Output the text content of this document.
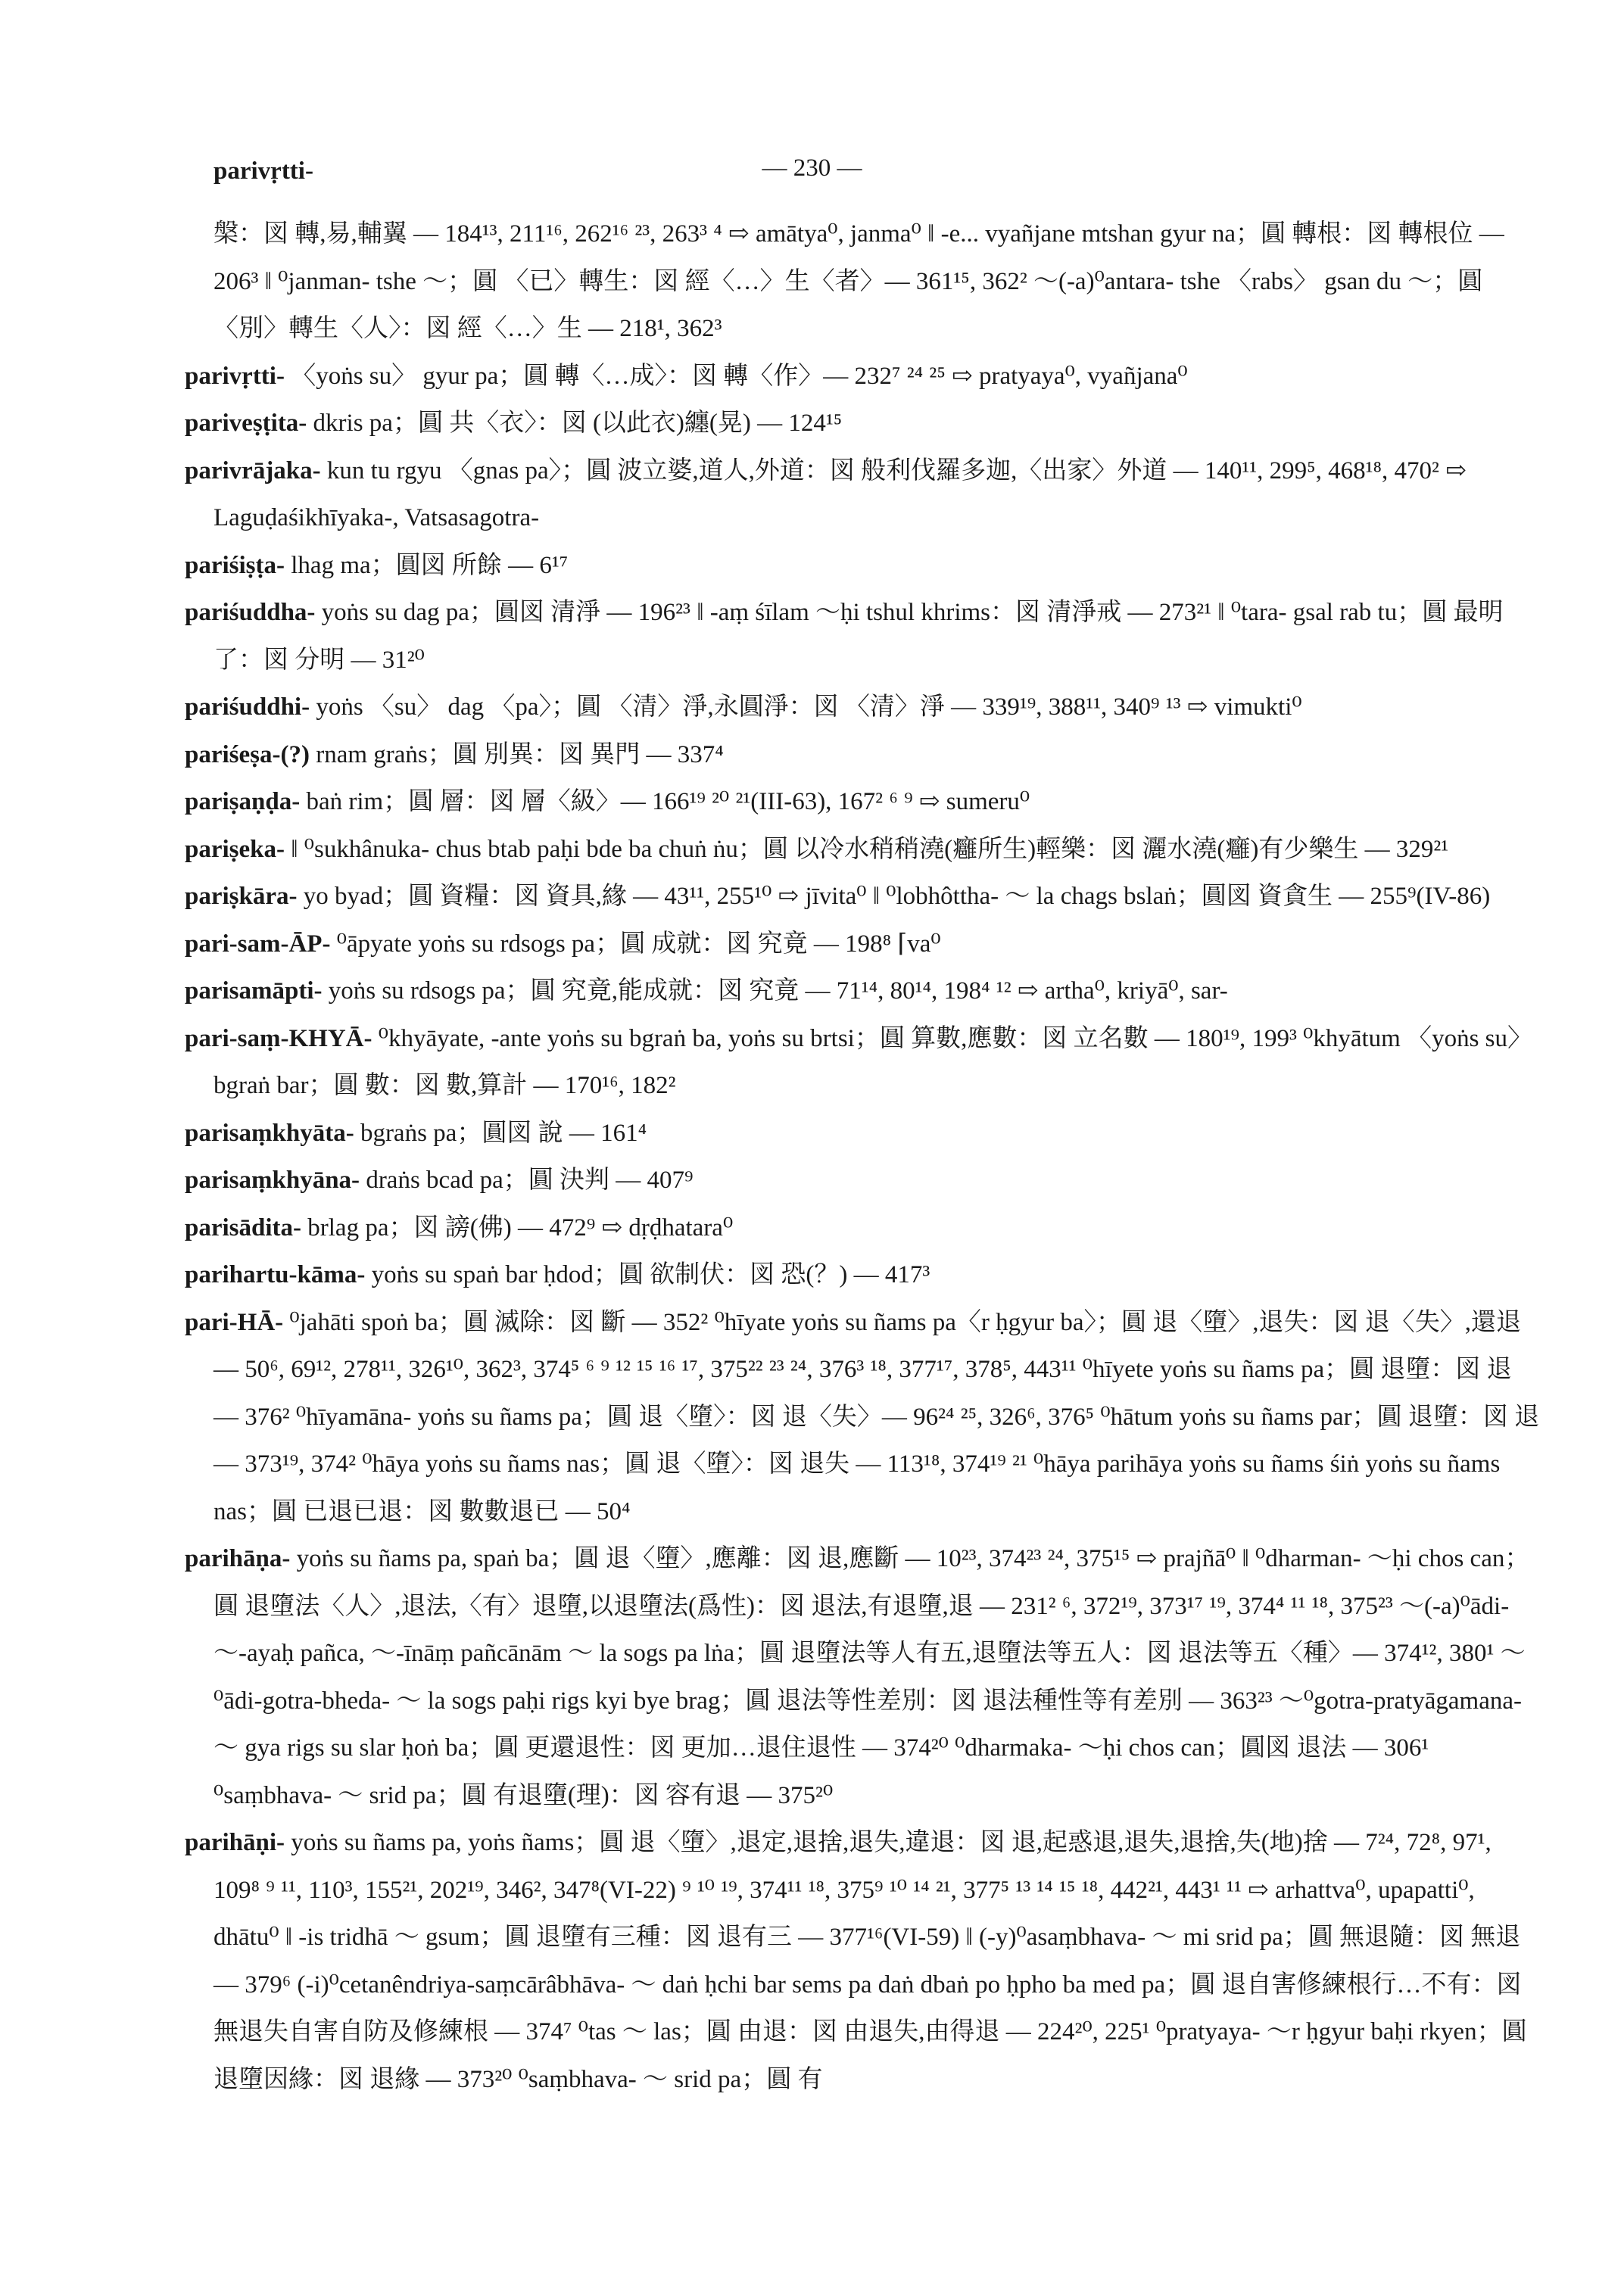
parivṛtti-	— 230 —

槃：図 轉,易,輔翼 — 184¹³, 211¹⁶, 262¹⁶ ²³, 263³ ⁴ ⇨ amātya⁰, janma⁰ ‖ -e... vyañjane mtshan gyur na；圓 轉根：図 轉根位 — 206³ ‖ ⁰janman- tshe ～；圓 〈已〉轉生：図 經〈…〉生〈者〉— 361¹⁵, 362² ～(-a)⁰antara- tshe 〈rabs〉 gsan du ～；圓 〈別〉轉生〈人〉：図 經〈…〉生 — 218¹, 362³

parivṛtti- 〈yoṅs su〉 gyur pa；圓 轉〈…成〉：図 轉〈作〉— 232⁷ ²⁴ ²⁵ ⇨ pratyaya⁰, vyañjana⁰

pariveṣṭita- dkris pa；圓 共〈衣〉：図 (以此衣)纏(晃) — 124¹⁵

parivrājaka- kun tu rgyu 〈gnas pa〉；圓 波立婆,道人,外道：図 般利伐羅多迦,〈出家〉外道 — 140¹¹, 299⁵, 468¹⁸, 470² ⇨ Laguḍaśikhīyaka-, Vatsasagotra-

pariśiṣṭa- lhag ma；圓図 所餘 — 6¹⁷

pariśuddha- yoṅs su dag pa；圓図 清淨 — 196²³ ‖ -aṃ śīlam ～ḥi tshul khrims：図 清淨戒 — 273²¹ ‖ ⁰tara- gsal rab tu；圓 最明了：図 分明 — 31²⁰

pariśuddhi- yoṅs 〈su〉 dag 〈pa〉；圓 〈清〉淨,永圓淨：図 〈清〉淨 — 339¹⁹, 388¹¹, 340⁹ ¹³ ⇨ vimukti⁰

pariśeṣa-(?) rnam graṅs；圓 別異：図 異門 — 337⁴

pariṣaṇḍa- baṅ rim；圓 層：図 層〈級〉— 166¹⁹ ²⁰ ²¹(III-63), 167² ⁶ ⁹ ⇨ sumeru⁰

pariṣeka- ‖ ⁰sukhânuka- chus btab paḥi bde ba chuṅ ṅu；圓 以冷水稍稍澆(癰所生)輕樂：図 灑水澆(癰)有少樂生 — 329²¹

pariṣkāra- yo byad；圓 資糧：図 資具,緣 — 43¹¹, 255¹⁰ ⇨ jīvita⁰ ‖ ⁰lobhôttha- ～ la chags bslaṅ；圓図 資貪生 — 255⁹(IV-86)

pari-sam-ĀP- ⁰āpyate yoṅs su rdsogs pa；圓 成就：図 究竟 — 198⁸ ⌈va⁰

parisamāpti- yoṅs su rdsogs pa；圓 究竟,能成就：図 究竟 — 71¹⁴, 80¹⁴, 198⁴ ¹² ⇨ artha⁰, kriyā⁰, sar-

pari-saṃ-KHYĀ- ⁰khyāyate, -ante yoṅs su bgraṅ ba, yoṅs su brtsi；圓 算數,應數：図 立名數 — 180¹⁹, 199³ ⁰khyātum 〈yoṅs su〉 bgraṅ bar；圓 數：図 數,算計 — 170¹⁶, 182²

parisaṃkhyāta- bgraṅs pa；圓図 說 — 161⁴

parisaṃkhyāna- draṅs bcad pa；圓 決判 — 407⁹

parisādita- brlag pa；図 謗(佛) — 472⁹ ⇨ dṛḍhatara⁰

parihartu-kāma- yoṅs su spaṅ bar ḥdod；圓 欲制伏：図 恐(？) — 417³

pari-HĀ- ⁰jahāti spoṅ ba；圓 滅除：図 斷 — 352² ⁰hīyate yoṅs su ñams pa〈r ḥgyur ba〉；圓 退〈墮〉,退失：図 退〈失〉,還退 — 50⁶, 69¹², 278¹¹, 326¹⁰, 362³, 374⁵ ⁶ ⁹ ¹² ¹⁵ ¹⁶ ¹⁷, 375²² ²³ ²⁴, 376³ ¹⁸, 377¹⁷, 378⁵, 443¹¹ ⁰hīyete yoṅs su ñams pa；圓 退墮：図 退 — 376² ⁰hīyamāna- yoṅs su ñams pa；圓 退〈墮〉：図 退〈失〉— 96²⁴ ²⁵, 326⁶, 376⁵ ⁰hātum yoṅs su ñams par；圓 退墮：図 退 — 373¹⁹, 374² ⁰hāya yoṅs su ñams nas；圓 退〈墮〉：図 退失 — 113¹⁸, 374¹⁹ ²¹ ⁰hāya parihāya yoṅs su ñams śiṅ yoṅs su ñams nas；圓 已退已退：図 數數退已 — 50⁴

parihāṇa- yoṅs su ñams pa, spaṅ ba；圓 退〈墮〉,應離：図 退,應斷 — 10²³, 374²³ ²⁴, 375¹⁵ ⇨ prajñā⁰ ‖ ⁰dharman- ～ḥi chos can；圓 退墮法〈人〉,退法,〈有〉退墮,以退墮法(爲性)：図 退法,有退墮,退 — 231² ⁶, 372¹⁹, 373¹⁷ ¹⁹, 374⁴ ¹¹ ¹⁸, 375²³ ～(-a)⁰ādi- ～-ayaḥ pañca, ～-īnāṃ pañcānām ～ la sogs pa lṅa；圓 退墮法等人有五,退墮法等五人：図 退法等五〈種〉— 374¹², 380¹ ～⁰ādi-gotra-bheda- ～ la sogs paḥi rigs kyi bye brag；圓 退法等性差別：図 退法種性等有差別 — 363²³ ～⁰gotra-pratyāgamana- ～ gya rigs su slar ḥoṅ ba；圓 更還退性：図 更加…退住退性 — 374²⁰ ⁰dharmaka- ～ḥi chos can；圓図 退法 — 306¹ ⁰saṃbhava- ～ srid pa；圓 有退墮(理)：図 容有退 — 375²⁰

parihāṇi- yoṅs su ñams pa, yoṅs ñams；圓 退〈墮〉,退定,退捨,退失,違退：図 退,起惑退,退失,退捨,失(地)捨 — 7²⁴, 72⁸, 97¹, 109⁸ ⁹ ¹¹, 110³, 155²¹, 202¹⁹, 346², 347⁸(VI-22) ⁹ ¹⁰ ¹⁹, 374¹¹ ¹⁸, 375⁹ ¹⁰ ¹⁴ ²¹, 377⁵ ¹³ ¹⁴ ¹⁵ ¹⁸, 442²¹, 443¹ ¹¹ ⇨ arhattva⁰, upapatti⁰, dhātu⁰ ‖ -is tridhā ～ gsum；圓 退墮有三種：図 退有三 — 377¹⁶(VI-59) ‖ (-y)⁰asaṃbhava- ～ mi srid pa；圓 無退隨：図 無退 — 379⁶ (-i)⁰cetanêndriya-saṃcārâbhāva- ～ daṅ ḥchi bar sems pa daṅ dbaṅ po ḥpho ba med pa；圓 退自害修練根行…不有：図 無退失自害自防及修練根 — 374⁷ ⁰tas ～ las；圓 由退：図 由退失,由得退 — 224²⁰, 225¹ ⁰pratyaya- ～r ḥgyur baḥi rkyen；圓 退墮因緣：図 退緣 — 373²⁰ ⁰saṃbhava- ～ srid pa；圓 有
